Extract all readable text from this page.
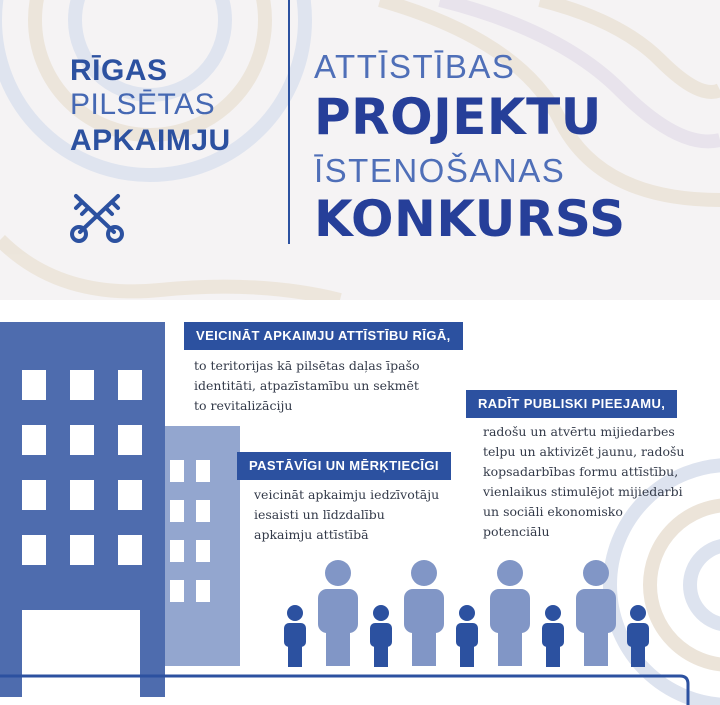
RĪGAS
PILSĒTAS
APKAIMJU
ATTĪSTĪBAS
PROJEKTU
ĪSTENOŠANAS
KONKURSS
VEICINĀT APKAIMJU ATTĪSTĪBU RĪGĀ,
to teritorijas kā pilsētas daļas īpašo
identitāti, atpazīstamību un sekmēt
to revitalizāciju
PASTĀVĪGI UN MĒRĶTIECĪGI
veicināt apkaimju iedzīvotāju
iesaisti un līdzdalību
apkaimju attīstībā
RADĪT PUBLISKI PIEEJAMU,
radošu un atvērtu mijiedarbes
telpu un aktivizēt jaunu, radošu
kopsadarbības formu attīstību,
vienlaikus stimulējot mijiedarbi
un sociāli ekonomisko
potenciālu
